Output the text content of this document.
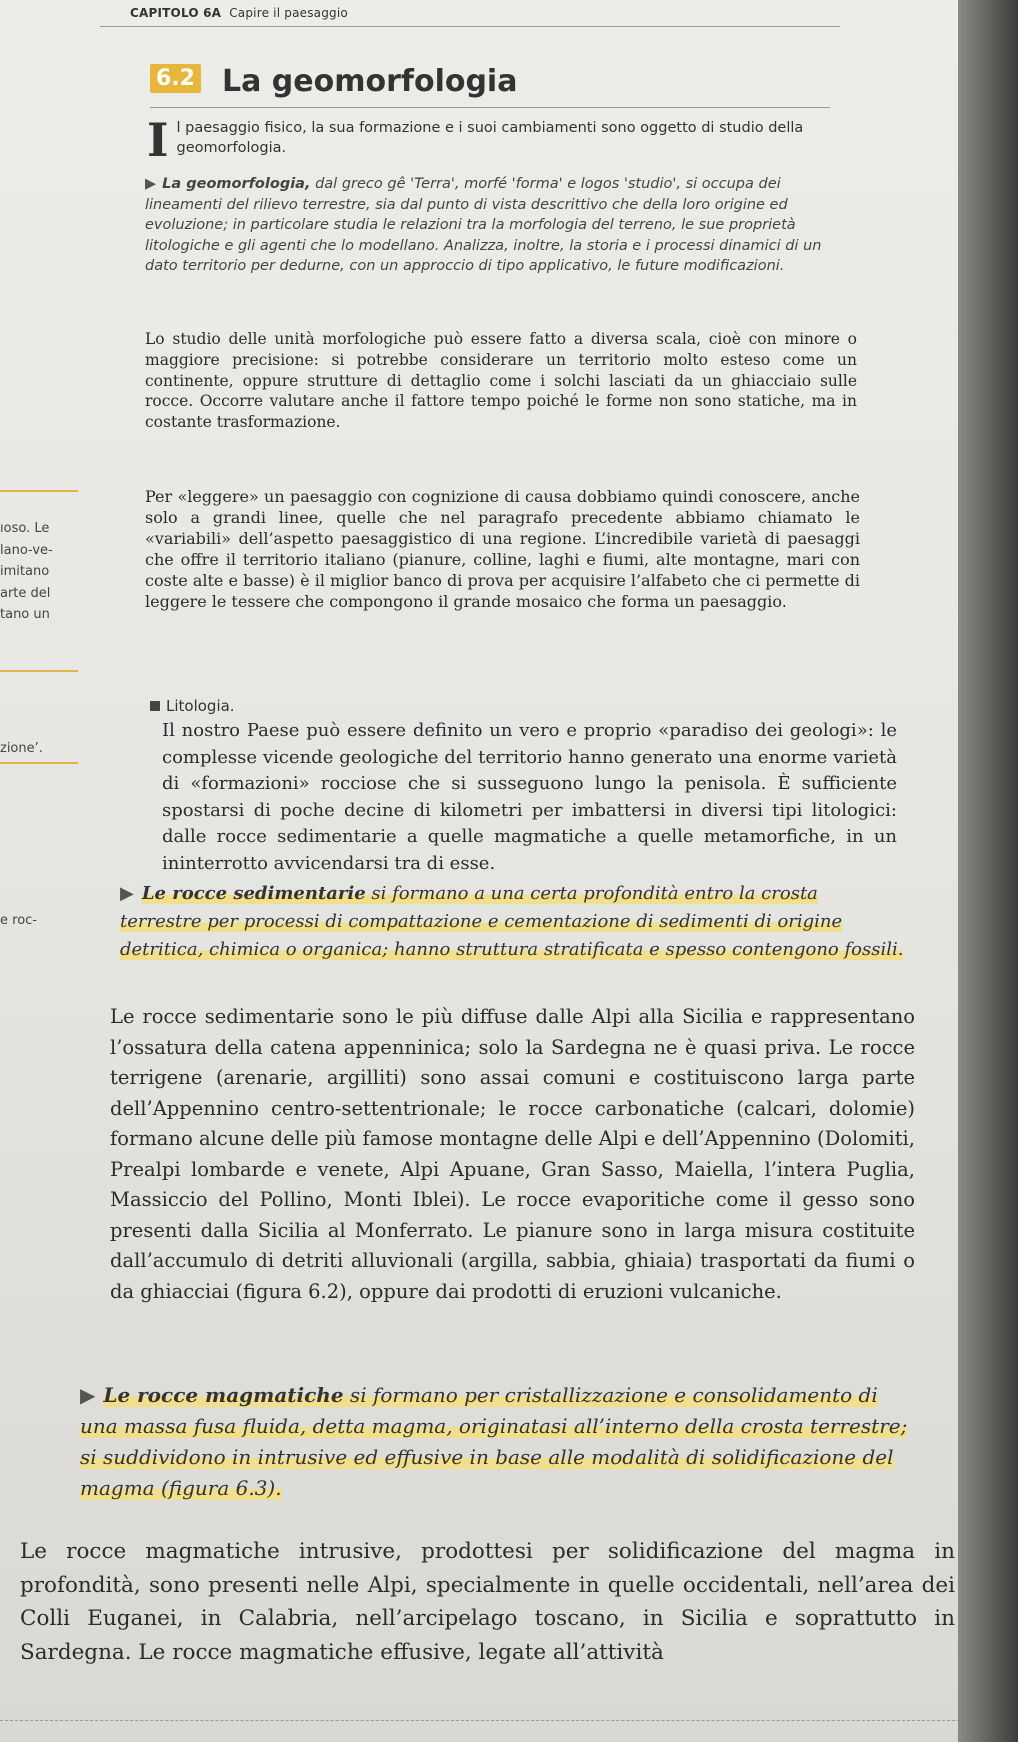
CAPITOLO 6A Capire il paesaggio
6.2 La geomorfologia
I l paesaggio fisico, la sua formazione e i suoi cambiamenti sono oggetto di studio della geomorfologia.
▶ La geomorfologia, dal greco gê 'Terra', morfé 'forma' e logos 'studio', si occupa dei lineamenti del rilievo terrestre, sia dal punto di vista descrittivo che della loro origine ed evoluzione; in particolare studia le relazioni tra la morfologia del terreno, le sue proprietà litologiche e gli agenti che lo modellano. Analizza, inoltre, la storia e i processi dinamici di un dato territorio per dedurne, con un approccio di tipo applicativo, le future modificazioni.
Lo studio delle unità morfologiche può essere fatto a diversa scala, cioè con minore o maggiore precisione: si potrebbe considerare un territorio molto esteso come un continente, oppure strutture di dettaglio come i solchi lasciati da un ghiacciaio sulle rocce. Occorre valutare anche il fattore tempo poiché le forme non sono statiche, ma in costante trasformazione.
Per «leggere» un paesaggio con cognizione di causa dobbiamo quindi conoscere, anche solo a grandi linee, quelle che nel paragrafo precedente abbiamo chiamato le «variabili» dell’aspetto paesaggistico di una regione. L’incredibile varietà di paesaggi che offre il territorio italiano (pianure, colline, laghi e fiumi, alte montagne, mari con coste alte e basse) è il miglior banco di prova per acquisire l’alfabeto che ci permette di leggere le tessere che compongono il grande mosaico che forma un paesaggio.
ıoso. Le
lano-ve-
imitano
arte del
tano un
Litologia.
Il nostro Paese può essere definito un vero e proprio «paradiso dei geologi»: le complesse vicende geologiche del territorio hanno generato una enorme varietà di «formazioni» rocciose che si susseguono lungo la penisola. È sufficiente spostarsi di poche decine di kilometri per imbattersi in diversi tipi litologici: dalle rocce sedimentarie a quelle magmatiche a quelle metamorfiche, in un ininterrotto avvicendarsi tra di esse.
zione’.
▶ Le rocce sedimentarie si formano a una certa profondità entro la crosta terrestre per processi di compattazione e cementazione di sedimenti di origine detritica, chimica o organica; hanno struttura stratificata e spesso contengono fossili.
e roc-
Le rocce sedimentarie sono le più diffuse dalle Alpi alla Sicilia e rappresentano l’ossatura della catena appenninica; solo la Sardegna ne è quasi priva. Le rocce terrigene (arenarie, argilliti) sono assai comuni e costituiscono larga parte dell’Appennino centro-settentrionale; le rocce carbonatiche (calcari, dolomie) formano alcune delle più famose montagne delle Alpi e dell’Appennino (Dolomiti, Prealpi lombarde e venete, Alpi Apuane, Gran Sasso, Maiella, l’intera Puglia, Massiccio del Pollino, Monti Iblei). Le rocce evaporitiche come il gesso sono presenti dalla Sicilia al Monferrato. Le pianure sono in larga misura costituite dall’accumulo di detriti alluvionali (argilla, sabbia, ghiaia) trasportati da fiumi o da ghiacciai (figura 6.2), oppure dai prodotti di eruzioni vulcaniche.
▶ Le rocce magmatiche si formano per cristallizzazione e consolidamento di una massa fusa fluida, detta magma, originatasi all’interno della crosta terrestre; si suddividono in intrusive ed effusive in base alle modalità di solidificazione del magma (figura 6.3).
Le rocce magmatiche intrusive, prodottesi per solidificazione del magma in profondità, sono presenti nelle Alpi, specialmente in quelle occidentali, nell’area dei Colli Euganei, in Calabria, nell’arcipelago toscano, in Sicilia e soprattutto in Sardegna. Le rocce magmatiche effusive, legate all’attività
